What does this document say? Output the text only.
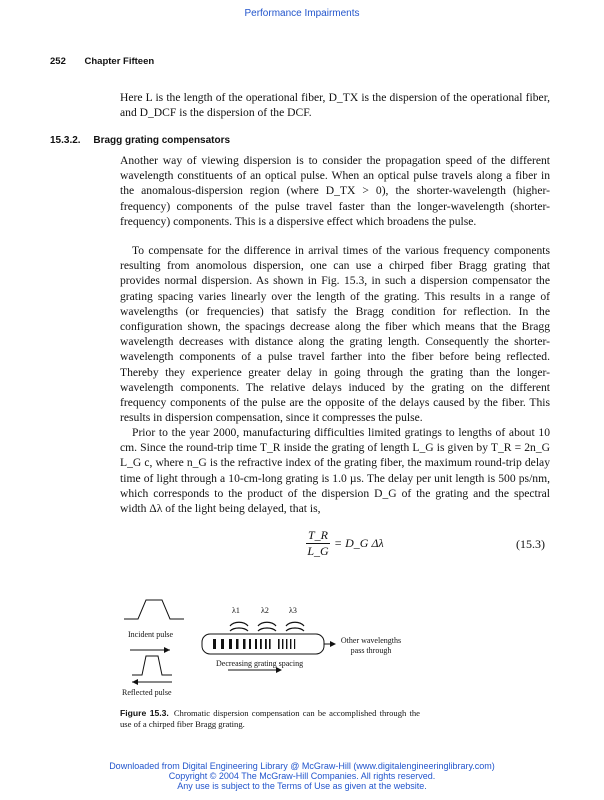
Performance Impairments
252 Chapter Fifteen

Here L is the length of the operational fiber, D_TX is the dispersion of the operational fiber, and D_DCF is the dispersion of the DCF.

15.3.2. Bragg grating compensators

Another way of viewing dispersion is to consider the propagation speed of the different wavelength constituents of an optical pulse. When an optical pulse travels along a fiber in the anomalous-dispersion region (where D_TX > 0), the shorter-wavelength (higher-frequency) components of the pulse travel faster than the longer-wavelength (shorter-frequency) components. This is a dispersive effect which broadens the pulse.

To compensate for the difference in arrival times of the various frequency components resulting from anomolous dispersion, one can use a chirped fiber Bragg grating that provides normal dispersion. As shown in Fig. 15.3, in such a dispersion compensator the grating spacing varies linearly over the length of the grating. This results in a range of wavelengths (or frequencies) that satisfy the Bragg condition for reflection. In the configuration shown, the spacings decrease along the fiber which means that the Bragg wavelength decreases with distance along the grating length. Consequently the shorter-wavelength components of a pulse travel farther into the fiber before being reflected. Thereby they experience greater delay in going through the grating than the longer-wavelength components. The relative delays induced by the grating on the different frequency components of the pulse are the opposite of the delays caused by the fiber. This results in dispersion compensation, since it compresses the pulse.

Prior to the year 2000, manufacturing difficulties limited gratings to lengths of about 10 cm. Since the round-trip time T_R inside the grating of length L_G is given by T_R = 2n_G L_G c, where n_G is the refractive index of the grating fiber, the maximum round-trip delay time of light through a 10-cm-long grating is 1.0 µs. The delay per unit length is 500 ps/nm, which corresponds to the product of the dispersion D_G of the grating and the spectral width Δλ of the light being delayed, that is,

$\frac{T\_R}{L\_G}$ = D_G Δλ	(15.3)
λ1	λ2	λ3
Incident pulse
Reflected pulse
Other wavelengths pass through
Decreasing grating spacing

Figure 15.3. Chromatic dispersion compensation can be accomplished through the use of a chirped fiber Bragg grating.

Downloaded from Digital Engineering Library @ McGraw-Hill (www.digitalengineeringlibrary.com)
Copyright © 2004 The McGraw-Hill Companies. All rights reserved.
Any use is subject to the Terms of Use as given at the website.
